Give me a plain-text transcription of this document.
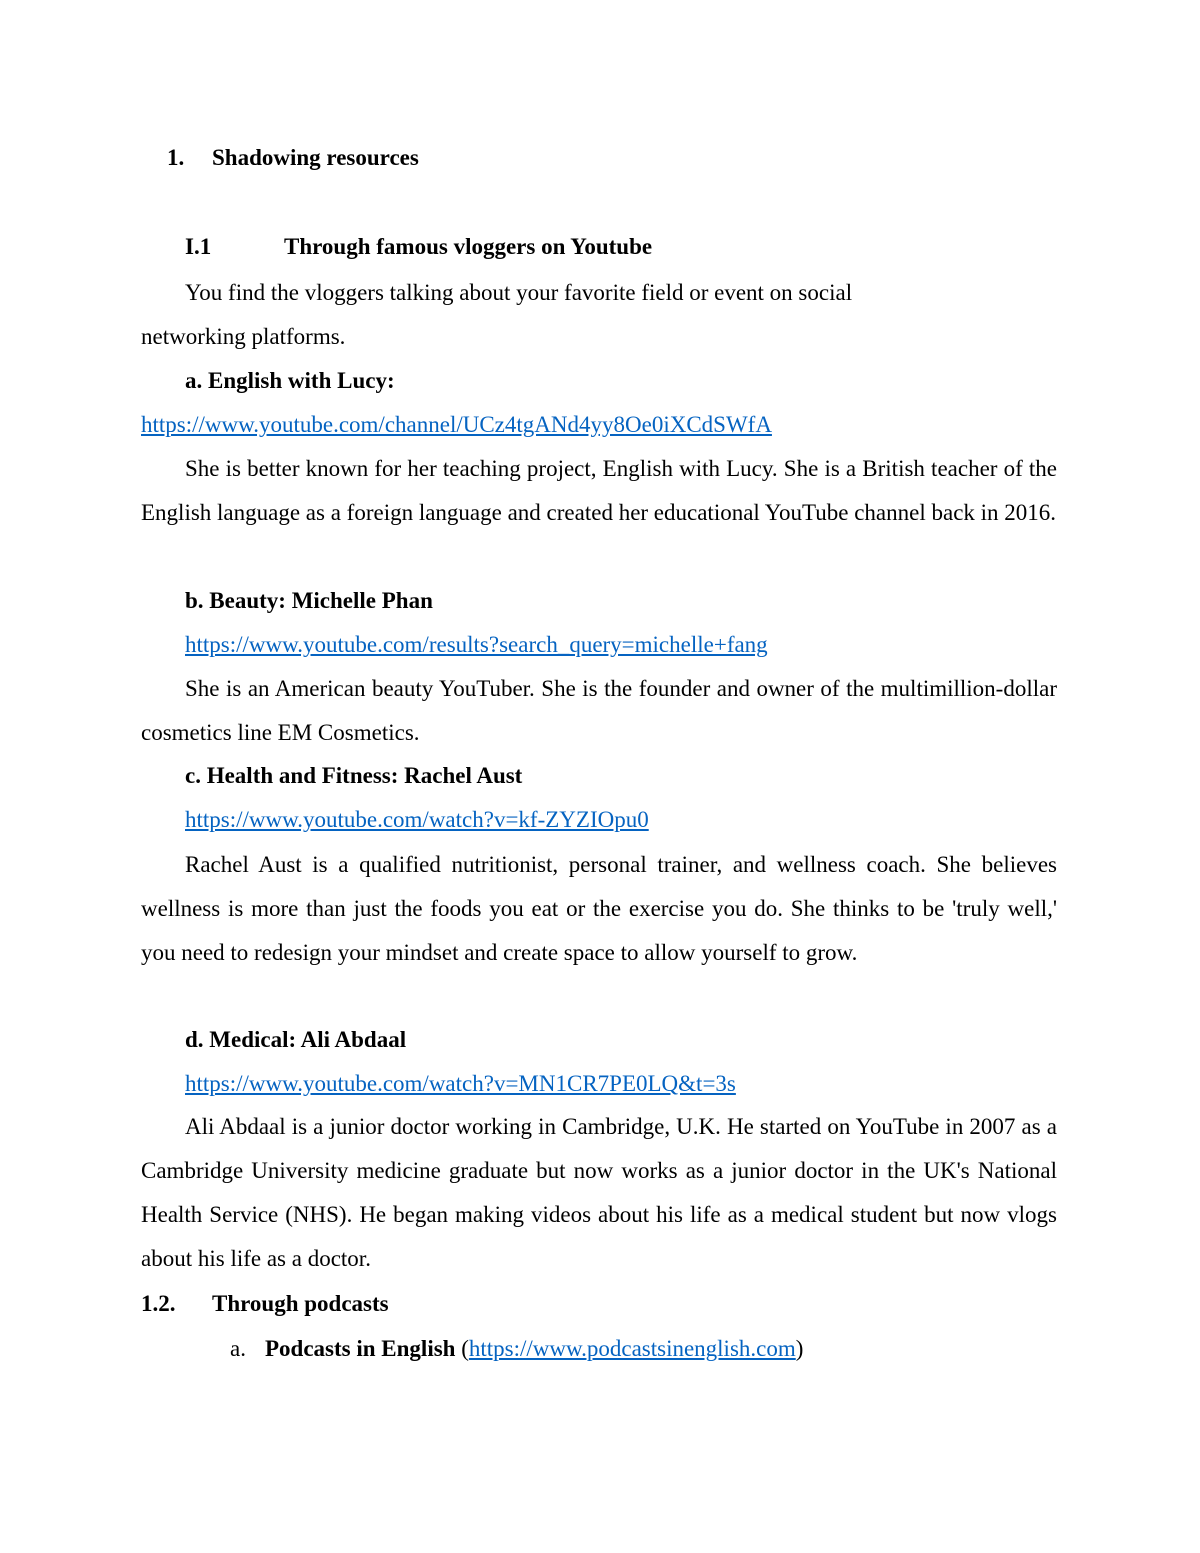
1. Shadowing resources
I.1	Through famous vloggers on Youtube
You find the vloggers talking about your favorite field or event on social
networking platforms.
a. English with Lucy:
https://www.youtube.com/channel/UCz4tgANd4yy8Oe0iXCdSWfA
She is better known for her teaching project, English with Lucy. She is a British teacher of the English language as a foreign language and created her educational YouTube channel back in 2016.
b. Beauty: Michelle Phan
https://www.youtube.com/results?search_query=michelle+fang
She is an American beauty YouTuber. She is the founder and owner of the multimillion-dollar cosmetics line EM Cosmetics.
c. Health and Fitness: Rachel Aust
https://www.youtube.com/watch?v=kf-ZYZIOpu0
Rachel Aust is a qualified nutritionist, personal trainer, and wellness coach. She believes wellness is more than just the foods you eat or the exercise you do. She thinks to be 'truly well,' you need to redesign your mindset and create space to allow yourself to grow.
d. Medical: Ali Abdaal
https://www.youtube.com/watch?v=MN1CR7PE0LQ&t=3s
Ali Abdaal is a junior doctor working in Cambridge, U.K. He started on YouTube in 2007 as a Cambridge University medicine graduate but now works as a junior doctor in the UK's National Health Service (NHS). He began making videos about his life as a medical student but now vlogs about his life as a doctor.
1.2. Through podcasts
a. Podcasts in English (https://www.podcastsinenglish.com)
